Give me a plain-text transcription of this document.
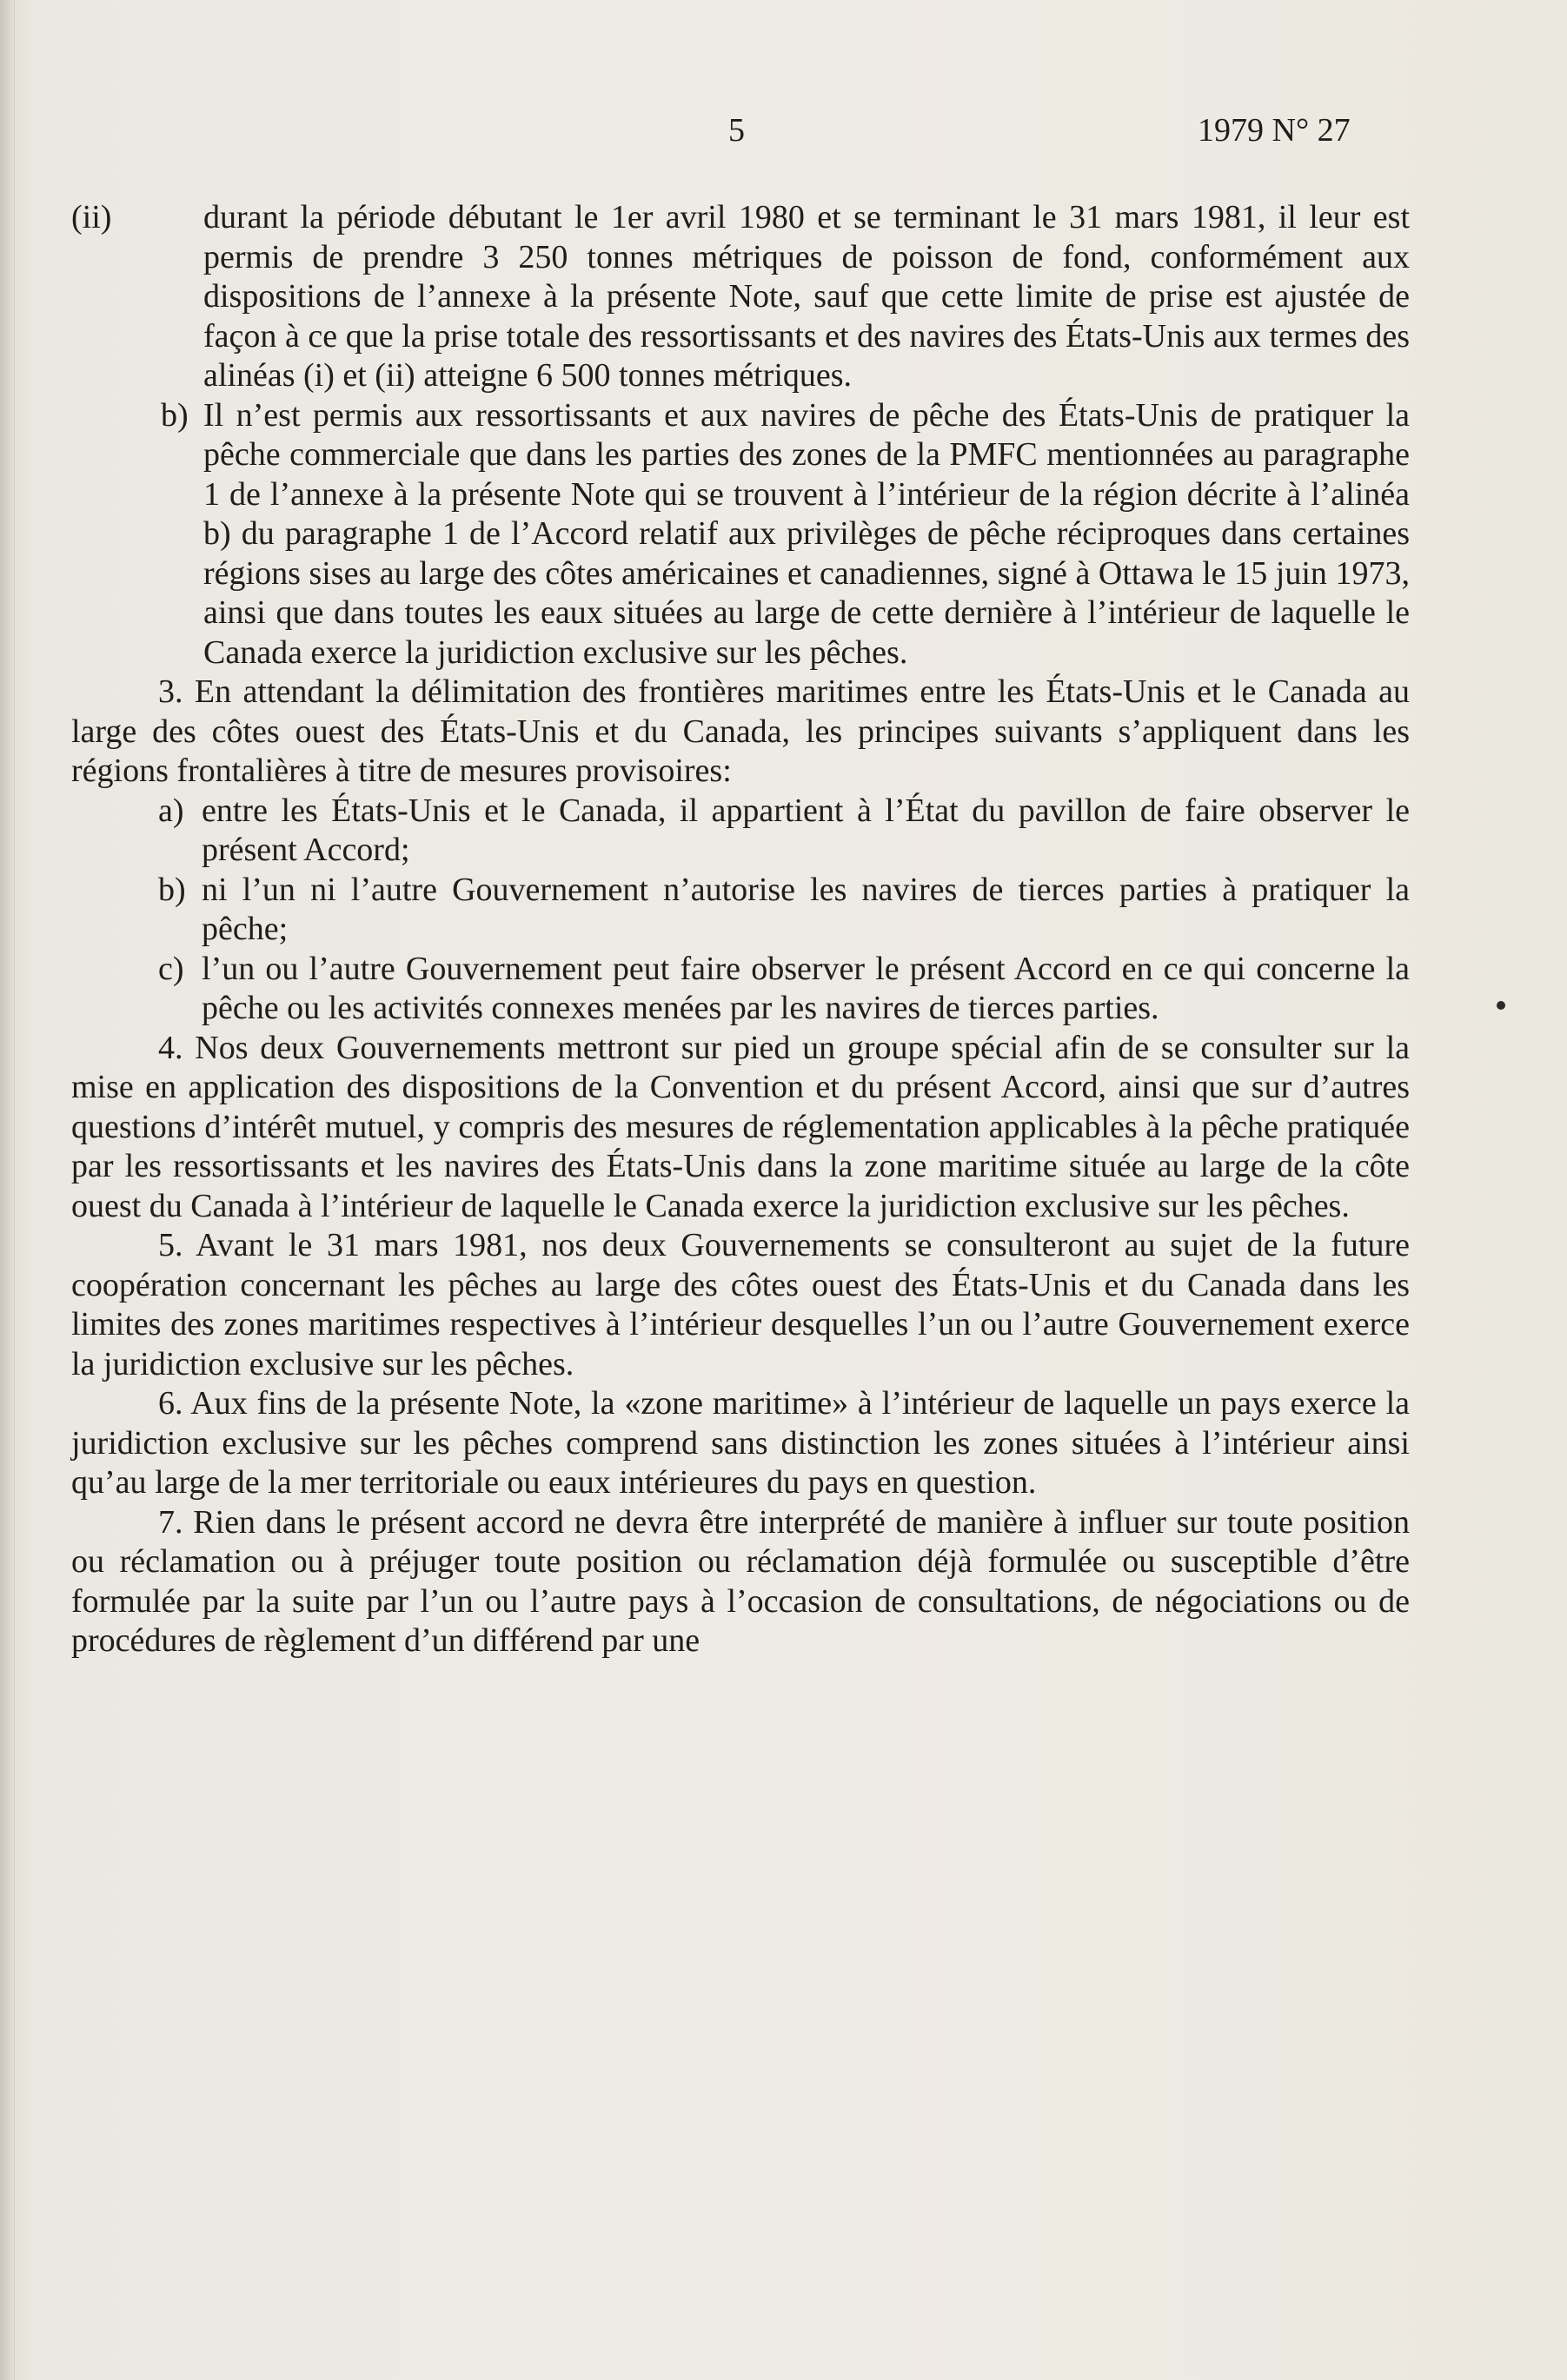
5	1979 N° 27

(ii)	durant la période débutant le 1er avril 1980 et se terminant le 31 mars 1981, il leur est permis de prendre 3 250 tonnes métriques de poisson de fond, conformément aux dispositions de l’annexe à la présente Note, sauf que cette limite de prise est ajustée de façon à ce que la prise totale des ressortissants et des navires des États-Unis aux termes des alinéas (i) et (ii) atteigne 6 500 tonnes métriques.

b) Il n’est permis aux ressortissants et aux navires de pêche des États-Unis de pratiquer la pêche commerciale que dans les parties des zones de la PMFC mentionnées au paragraphe 1 de l’annexe à la présente Note qui se trouvent à l’intérieur de la région décrite à l’alinéa b) du paragraphe 1 de l’Accord relatif aux privilèges de pêche réciproques dans certaines régions sises au large des côtes américaines et canadiennes, signé à Ottawa le 15 juin 1973, ainsi que dans toutes les eaux situées au large de cette dernière à l’intérieur de laquelle le Canada exerce la juridiction exclusive sur les pêches.

3. En attendant la délimitation des frontières maritimes entre les États-Unis et le Canada au large des côtes ouest des États-Unis et du Canada, les principes suivants s’appliquent dans les régions frontalières à titre de mesures provisoires:

a) entre les États-Unis et le Canada, il appartient à l’État du pavillon de faire observer le présent Accord;

b) ni l’un ni l’autre Gouvernement n’autorise les navires de tierces parties à pratiquer la pêche;

c) l’un ou l’autre Gouvernement peut faire observer le présent Accord en ce qui concerne la pêche ou les activités connexes menées par les navires de tierces parties.

4. Nos deux Gouvernements mettront sur pied un groupe spécial afin de se consulter sur la mise en application des dispositions de la Convention et du présent Accord, ainsi que sur d’autres questions d’intérêt mutuel, y compris des mesures de réglementation applicables à la pêche pratiquée par les ressortissants et les navires des États-Unis dans la zone maritime située au large de la côte ouest du Canada à l’intérieur de laquelle le Canada exerce la juridiction exclusive sur les pêches.

5. Avant le 31 mars 1981, nos deux Gouvernements se consulteront au sujet de la future coopération concernant les pêches au large des côtes ouest des États-Unis et du Canada dans les limites des zones maritimes respectives à l’intérieur desquelles l’un ou l’autre Gouvernement exerce la juridiction exclusive sur les pêches.

6. Aux fins de la présente Note, la «zone maritime» à l’intérieur de laquelle un pays exerce la juridiction exclusive sur les pêches comprend sans distinction les zones situées à l’intérieur ainsi qu’au large de la mer territoriale ou eaux intérieures du pays en question.

7. Rien dans le présent accord ne devra être interprété de manière à influer sur toute position ou réclamation ou à préjuger toute position ou réclamation déjà formulée ou susceptible d’être formulée par la suite par l’un ou l’autre pays à l’occasion de consultations, de négociations ou de procédures de règlement d’un différend par une
